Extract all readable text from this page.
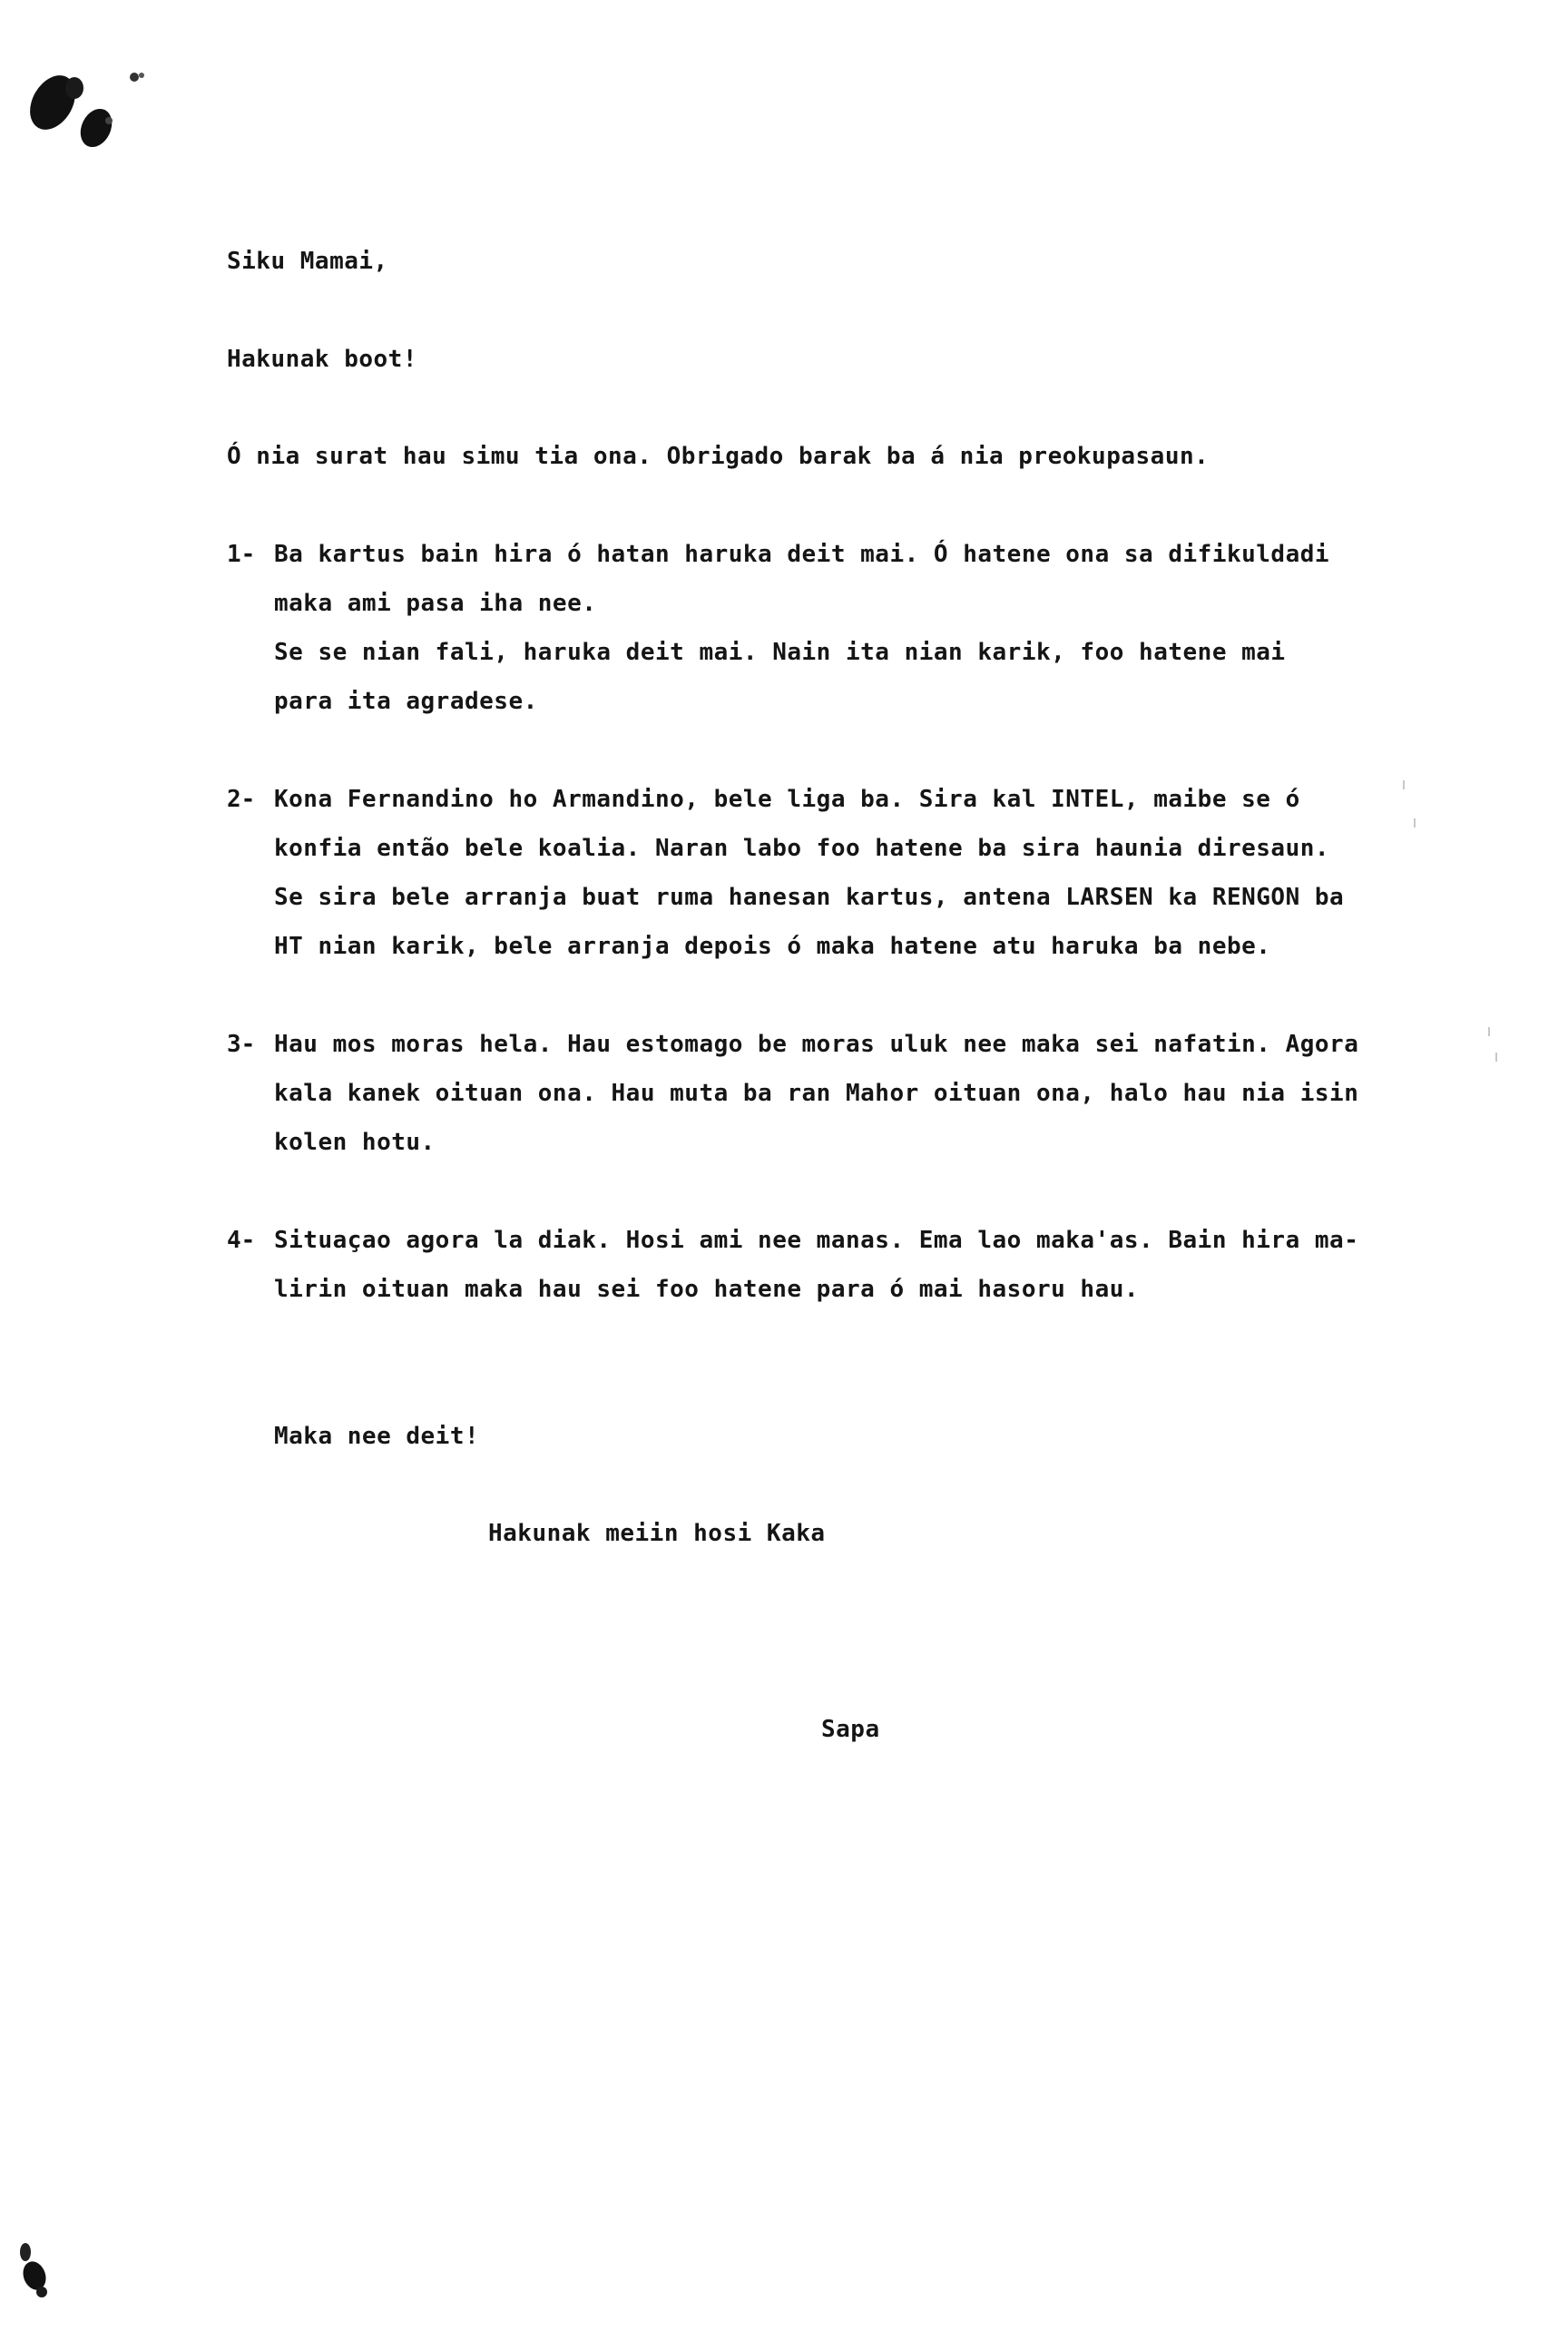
Siku Mamai,
Hakunak boot!
Ó nia surat hau simu tia ona. Obrigado barak ba á nia preokupasaun.
1- Ba kartus bain hira ó hatan haruka deit mai. Ó hatene ona sa difikuldadi
maka ami pasa iha nee.
Se se nian fali, haruka deit mai. Nain ita nian karik, foo hatene mai
para ita agradese.
2- Kona Fernandino ho Armandino, bele liga ba. Sira kal INTEL, maibe se ó
konfia então bele koalia. Naran labo foo hatene ba sira haunia diresaun.
Se sira bele arranja buat ruma hanesan kartus, antena LARSEN ka RENGON ba
HT nian karik, bele arranja depois ó maka hatene atu haruka ba nebe.
3- Hau mos moras hela. Hau estomago be moras uluk nee maka sei nafatin. Agora
kala kanek oituan ona. Hau muta ba ran Mahor oituan ona, halo hau nia isin
kolen hotu.
4- Situaçao agora la diak. Hosi ami nee manas. Ema lao maka'as. Bain hira ma-
lirin oituan maka hau sei foo hatene para ó mai hasoru hau.
Maka nee deit!
Hakunak meiin hosi Kaka
Sapa
